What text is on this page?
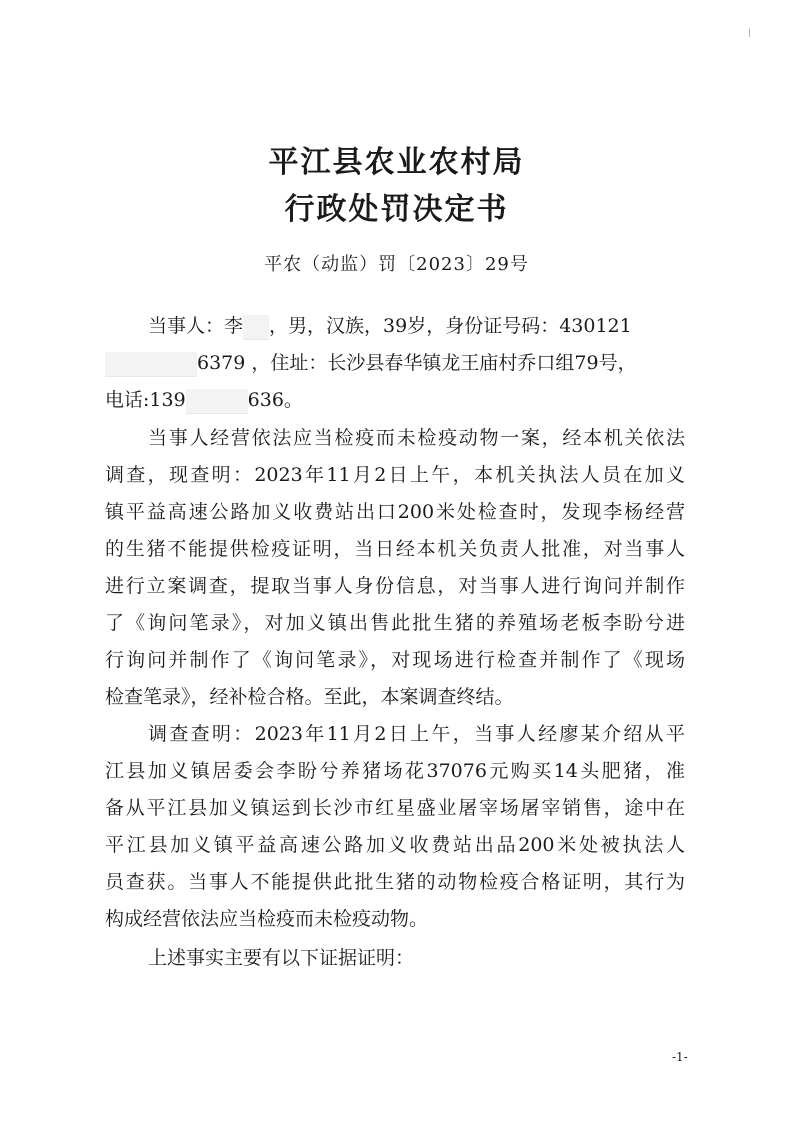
/
平江县农业农村局
行政处罚决定书
平农（动监）罚〔2023〕29号
当事人：李 ，男，汉族，39岁，身份证号码：430121
6379 ，住址：长沙县春华镇龙王庙村乔口组79号，
电话:139	636。
当事人经营依法应当检疫而未检疫动物一案，经本机关依法
调查，现查明：2023年11月2日上午，本机关执法人员在加义
镇平益高速公路加义收费站出口200米处检查时，发现李杨经营
的生猪不能提供检疫证明，当日经本机关负责人批准，对当事人
进行立案调查，提取当事人身份信息，对当事人进行询问并制作
了《询问笔录》，对加义镇出售此批生猪的养殖场老板李盼兮进
行询问并制作了《询问笔录》，对现场进行检查并制作了《现场
检查笔录》，经补检合格。至此，本案调查终结。
调查查明：2023年11月2日上午，当事人经廖某介绍从平
江县加义镇居委会李盼兮养猪场花37076元购买14头肥猪，准
备从平江县加义镇运到长沙市红星盛业屠宰场屠宰销售，途中在
平江县加义镇平益高速公路加义收费站出品200米处被执法人
员查获。当事人不能提供此批生猪的动物检疫合格证明，其行为
构成经营依法应当检疫而未检疫动物。
上述事实主要有以下证据证明：
-1-
